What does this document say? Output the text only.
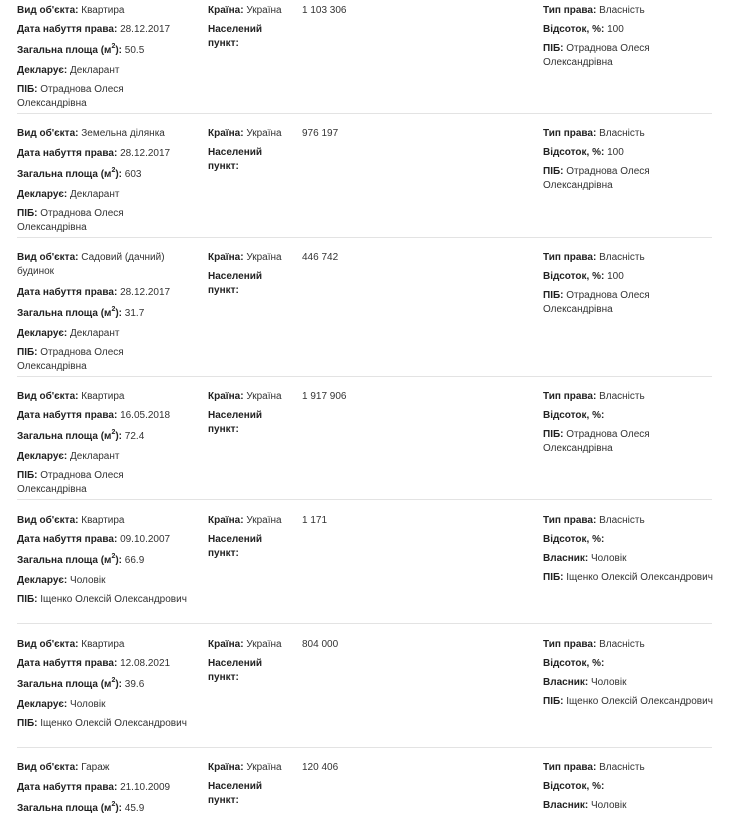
Вид об'єкта: Квартира
Дата набуття права: 28.12.2017
Загальна площа $(м^2)$: 50.5
Декларує: Декларант
ПІБ: Отраднова Олеся Олександрівна
Країна: Україна
Населений пункт:
1 103 306	Тип права: Власність
Відсоток, %: 100
ПІБ: Отраднова Олеся Олександрівна
Вид об'єкта: Земельна ділянка
Дата набуття права: 28.12.2017
Загальна площа $(м^2)$: 603
Декларує: Декларант
ПІБ: Отраднова Олеся Олександрівна
Країна: Україна
Населений пункт:
976 197	Тип права: Власність
Відсоток, %: 100
ПІБ: Отраднова Олеся Олександрівна
Вид об'єкта: Садовий (дачний) будинок
Дата набуття права: 28.12.2017
Загальна площа $(м^2)$: 31.7
Декларує: Декларант
ПІБ: Отраднова Олеся Олександрівна
Країна: Україна
Населений пункт:
446 742	Тип права: Власність
Відсоток, %: 100
ПІБ: Отраднова Олеся Олександрівна
Вид об'єкта: Квартира
Дата набуття права: 16.05.2018
Загальна площа $(м^2)$: 72.4
Декларує: Декларант
ПІБ: Отраднова Олеся Олександрівна
Країна: Україна
Населений пункт:
1 917 906	Тип права: Власність
Відсоток, %:
ПІБ: Отраднова Олеся Олександрівна
Вид об'єкта: Квартира
Дата набуття права: 09.10.2007
Загальна площа $(м^2)$: 66.9
Декларує: Чоловік
ПІБ: Іщенко Олексій Олександрович
Країна: Україна
Населений пункт:
1 171	Тип права: Власність
Відсоток, %:
Власник: Чоловік
ПІБ: Іщенко Олексій Олександрович
Вид об'єкта: Квартира
Дата набуття права: 12.08.2021
Загальна площа $(м^2)$: 39.6
Декларує: Чоловік
ПІБ: Іщенко Олексій Олександрович
Країна: Україна
Населений пункт:
804 000	Тип права: Власність
Відсоток, %:
Власник: Чоловік
ПІБ: Іщенко Олексій Олександрович
Вид об'єкта: Гараж
Дата набуття права: 21.10.2009
Загальна площа $(м^2)$: 45.9
Країна: Україна
Населений пункт:
120 406	Тип права: Власність
Відсоток, %:
Власник: Чоловік
